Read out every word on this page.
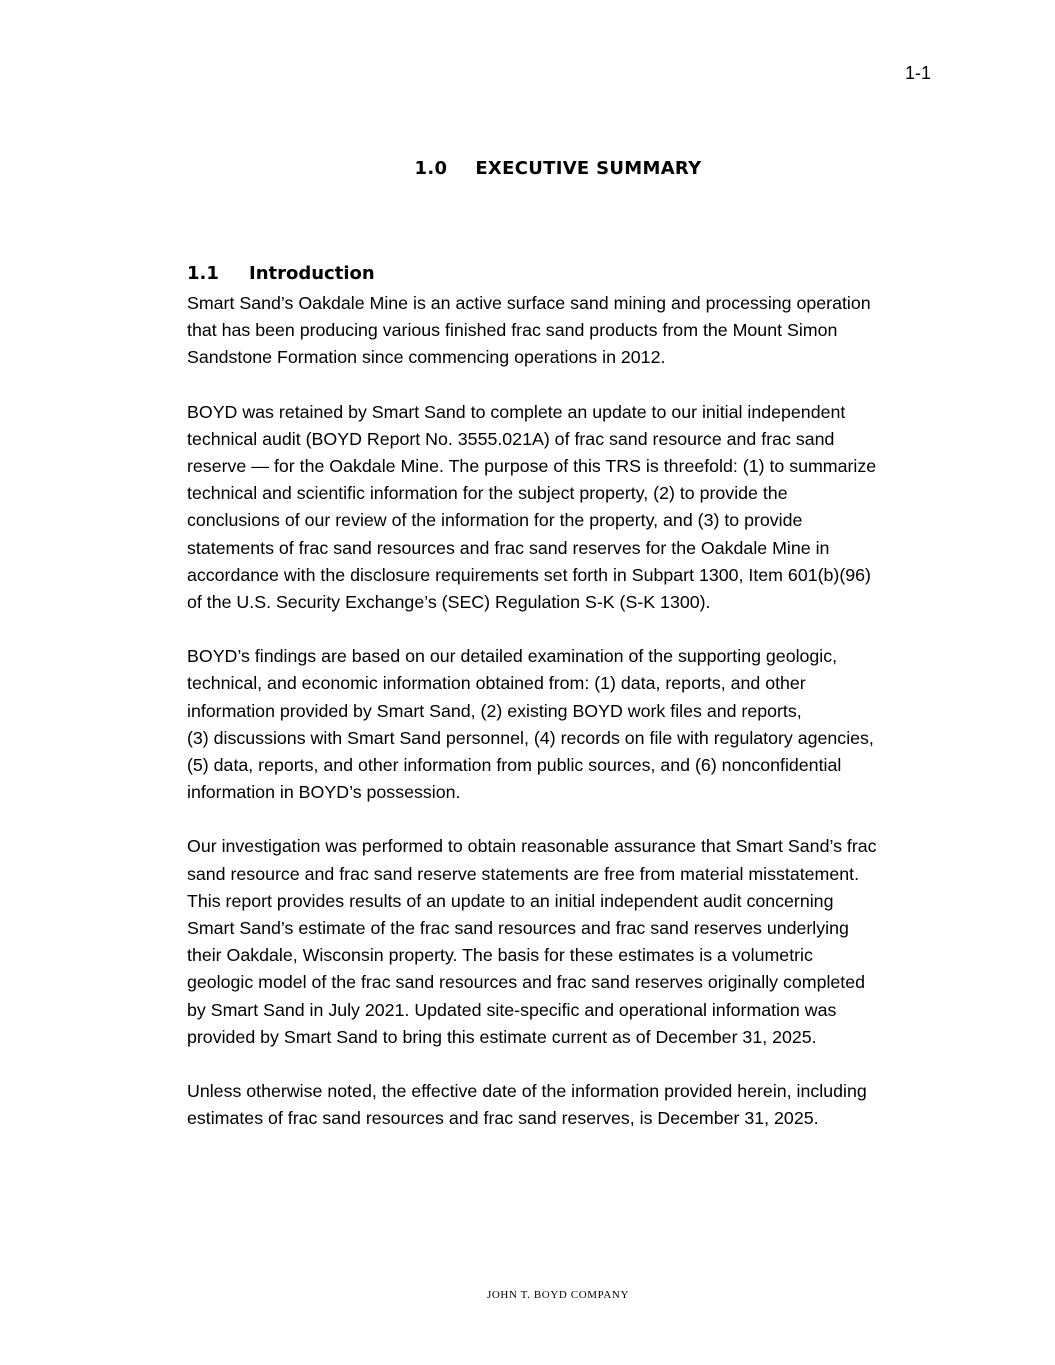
1-1
1.0 EXECUTIVE SUMMARY
1.1 Introduction

Smart Sand’s Oakdale Mine is an active surface sand mining and processing operation
that has been producing various finished frac sand products from the Mount Simon
Sandstone Formation since commencing operations in 2012.

BOYD was retained by Smart Sand to complete an update to our initial independent
technical audit (BOYD Report No. 3555.021A) of frac sand resource and frac sand
reserve — for the Oakdale Mine. The purpose of this TRS is threefold: (1) to summarize
technical and scientific information for the subject property, (2) to provide the
conclusions of our review of the information for the property, and (3) to provide
statements of frac sand resources and frac sand reserves for the Oakdale Mine in
accordance with the disclosure requirements set forth in Subpart 1300, Item 601(b)(96)
of the U.S. Security Exchange’s (SEC) Regulation S-K (S-K 1300).

BOYD’s findings are based on our detailed examination of the supporting geologic,
technical, and economic information obtained from: (1) data, reports, and other
information provided by Smart Sand, (2) existing BOYD work files and reports,
(3) discussions with Smart Sand personnel, (4) records on file with regulatory agencies,
(5) data, reports, and other information from public sources, and (6) nonconfidential
information in BOYD’s possession.

Our investigation was performed to obtain reasonable assurance that Smart Sand’s frac
sand resource and frac sand reserve statements are free from material misstatement.
This report provides results of an update to an initial independent audit concerning
Smart Sand’s estimate of the frac sand resources and frac sand reserves underlying
their Oakdale, Wisconsin property. The basis for these estimates is a volumetric
geologic model of the frac sand resources and frac sand reserves originally completed
by Smart Sand in July 2021. Updated site-specific and operational information was
provided by Smart Sand to bring this estimate current as of December 31, 2025.

Unless otherwise noted, the effective date of the information provided herein, including
estimates of frac sand resources and frac sand reserves, is December 31, 2025.

JOHN T. BOYD COMPANY
